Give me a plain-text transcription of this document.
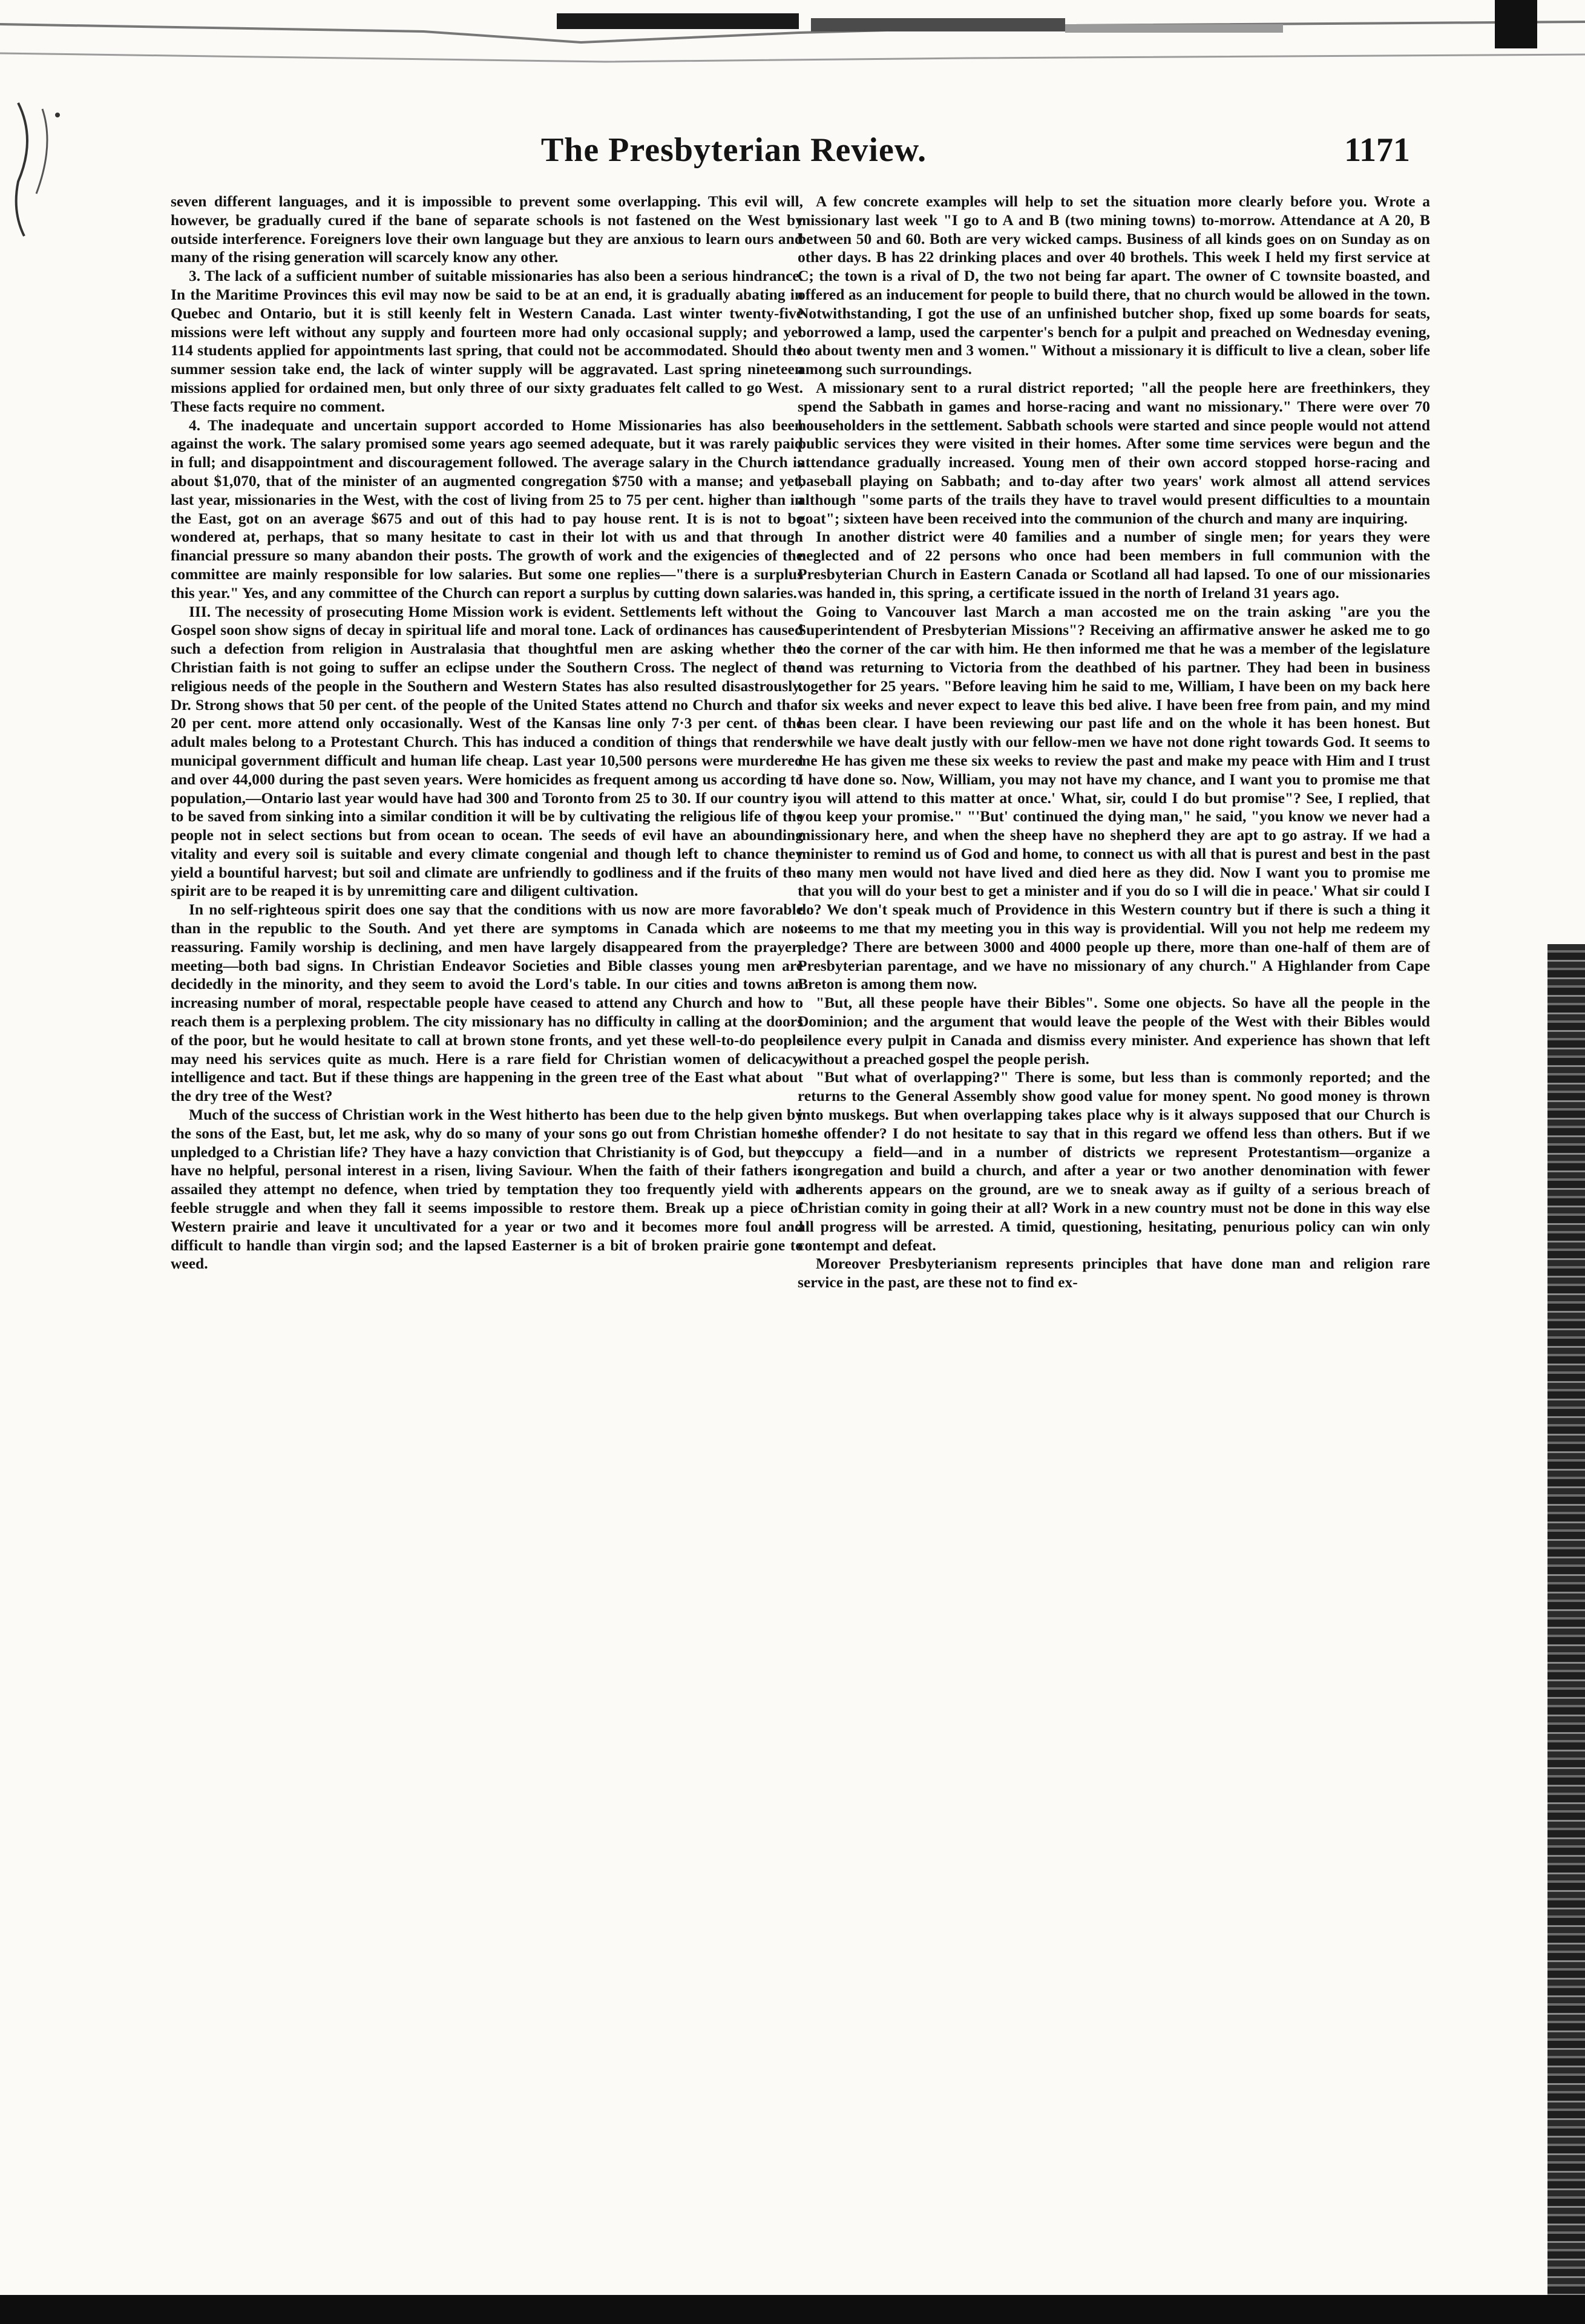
The Presbyterian Review.	1171

seven different languages, and it is impossible to prevent some overlapping. This evil will, however, be gradually cured if the bane of separate schools is not fastened on the West by outside interference. Foreigners love their own language but they are anxious to learn ours and many of the rising generation will scarcely know any other.

3. The lack of a sufficient number of suitable missionaries has also been a serious hindrance. In the Maritime Provinces this evil may now be said to be at an end, it is gradually abating in Quebec and Ontario, but it is still keenly felt in Western Canada. Last winter twenty-five missions were left without any supply and fourteen more had only occasional supply; and yet 114 students applied for appointments last spring, that could not be accommodated. Should the summer session take end, the lack of winter supply will be aggravated. Last spring nineteen missions applied for ordained men, but only three of our sixty graduates felt called to go West. These facts require no comment.

4. The inadequate and uncertain support accorded to Home Missionaries has also been against the work. The salary promised some years ago seemed adequate, but it was rarely paid in full; and disappointment and discouragement followed. The average salary in the Church is about $1,070, that of the minister of an augmented congregation $750 with a manse; and yet, last year, missionaries in the West, with the cost of living from 25 to 75 per cent. higher than in the East, got on an average $675 and out of this had to pay house rent. It is is not to be wondered at, perhaps, that so many hesitate to cast in their lot with us and that through financial pressure so many abandon their posts. The growth of work and the exigencies of the committee are mainly responsible for low salaries. But some one replies—"there is a surplus this year." Yes, and any committee of the Church can report a surplus by cutting down salaries.

III. The necessity of prosecuting Home Mission work is evident. Settlements left without the Gospel soon show signs of decay in spiritual life and moral tone. Lack of ordinances has caused such a defection from religion in Australasia that thoughtful men are asking whether the Christian faith is not going to suffer an eclipse under the Southern Cross. The neglect of the religious needs of the people in the Southern and Western States has also resulted disastrously. Dr. Strong shows that 50 per cent. of the people of the United States attend no Church and that 20 per cent. more attend only occasionally. West of the Kansas line only 7·3 per cent. of the adult males belong to a Protestant Church. This has induced a condition of things that renders municipal government difficult and human life cheap. Last year 10,500 persons were murdered and over 44,000 during the past seven years. Were homicides as frequent among us according to population,—Ontario last year would have had 300 and Toronto from 25 to 30. If our country is to be saved from sinking into a similar condition it will be by cultivating the religious life of the people not in select sections but from ocean to ocean. The seeds of evil have an abounding vitality and every soil is suitable and every climate congenial and though left to chance they yield a bountiful harvest; but soil and climate are unfriendly to godliness and if the fruits of the spirit are to be reaped it is by unremitting care and diligent cultivation.

In no self-righteous spirit does one say that the conditions with us now are more favorable than in the republic to the South. And yet there are symptoms in Canada which are not reassuring. Family worship is declining, and men have largely disappeared from the prayer-meeting—both bad signs. In Christian Endeavor Societies and Bible classes young men are decidedly in the minority, and they seem to avoid the Lord's table. In our cities and towns an increasing number of moral, respectable people have ceased to attend any Church and how to reach them is a perplexing problem. The city missionary has no difficulty in calling at the doors of the poor, but he would hesitate to call at brown stone fronts, and yet these well-to-do people may need his services quite as much. Here is a rare field for Christian women of delicacy, intelligence and tact. But if these things are happening in the green tree of the East what about the dry tree of the West?

Much of the success of Christian work in the West hitherto has been due to the help given by the sons of the East, but, let me ask, why do so many of your sons go out from Christian homes unpledged to a Christian life? They have a hazy conviction that Christianity is of God, but they have no helpful, personal interest in a risen, living Saviour. When the faith of their fathers is assailed they attempt no defence, when tried by temptation they too frequently yield with a feeble struggle and when they fall it seems impossible to restore them. Break up a piece of Western prairie and leave it uncultivated for a year or two and it becomes more foul and difficult to handle than virgin sod; and the lapsed Easterner is a bit of broken prairie gone to weed.

A few concrete examples will help to set the situation more clearly before you. Wrote a missionary last week "I go to A and B (two mining towns) to-morrow. Attendance at A 20, B between 50 and 60. Both are very wicked camps. Business of all kinds goes on on Sunday as on other days. B has 22 drinking places and over 40 brothels. This week I held my first service at C; the town is a rival of D, the two not being far apart. The owner of C townsite boasted, and offered as an inducement for people to build there, that no church would be allowed in the town. Notwithstanding, I got the use of an unfinished butcher shop, fixed up some boards for seats, borrowed a lamp, used the carpenter's bench for a pulpit and preached on Wednesday evening, to about twenty men and 3 women." Without a missionary it is difficult to live a clean, sober life among such surroundings.

A missionary sent to a rural district reported; "all the people here are freethinkers, they spend the Sabbath in games and horse-racing and want no missionary." There were over 70 householders in the settlement. Sabbath schools were started and since people would not attend public services they were visited in their homes. After some time services were begun and the attendance gradually increased. Young men of their own accord stopped horse-racing and baseball playing on Sabbath; and to-day after two years' work almost all attend services although "some parts of the trails they have to travel would present difficulties to a mountain goat"; sixteen have been received into the communion of the church and many are inquiring.

In another district were 40 families and a number of single men; for years they were neglected and of 22 persons who once had been members in full communion with the Presbyterian Church in Eastern Canada or Scotland all had lapsed. To one of our missionaries was handed in, this spring, a certificate issued in the north of Ireland 31 years ago.

Going to Vancouver last March a man accosted me on the train asking "are you the Superintendent of Presbyterian Missions"? Receiving an affirmative answer he asked me to go to the corner of the car with him. He then informed me that he was a member of the legislature and was returning to Victoria from the deathbed of his partner. They had been in business together for 25 years. "Before leaving him he said to me, William, I have been on my back here for six weeks and never expect to leave this bed alive. I have been free from pain, and my mind has been clear. I have been reviewing our past life and on the whole it has been honest. But while we have dealt justly with our fellow-men we have not done right towards God. It seems to me He has given me these six weeks to review the past and make my peace with Him and I trust I have done so. Now, William, you may not have my chance, and I want you to promise me that you will attend to this matter at once.' What, sir, could I do but promise"? See, I replied, that you keep your promise." "'But' continued the dying man," he said, "you know we never had a missionary here, and when the sheep have no shepherd they are apt to go astray. If we had a minister to remind us of God and home, to connect us with all that is purest and best in the past so many men would not have lived and died here as they did. Now I want you to promise me that you will do your best to get a minister and if you do so I will die in peace.' What sir could I do? We don't speak much of Providence in this Western country but if there is such a thing it seems to me that my meeting you in this way is providential. Will you not help me redeem my pledge? There are between 3000 and 4000 people up there, more than one-half of them are of Presbyterian parentage, and we have no missionary of any church." A Highlander from Cape Breton is among them now.

"But, all these people have their Bibles". Some one objects. So have all the people in the Dominion; and the argument that would leave the people of the West with their Bibles would silence every pulpit in Canada and dismiss every minister. And experience has shown that left without a preached gospel the people perish.

"But what of overlapping?" There is some, but less than is commonly reported; and the returns to the General Assembly show good value for money spent. No good money is thrown into muskegs. But when overlapping takes place why is it always supposed that our Church is the offender? I do not hesitate to say that in this regard we offend less than others. But if we occupy a field—and in a number of districts we represent Protestantism—organize a congregation and build a church, and after a year or two another denomination with fewer adherents appears on the ground, are we to sneak away as if guilty of a serious breach of Christian comity in going their at all? Work in a new country must not be done in this way else all progress will be arrested. A timid, questioning, hesitating, penurious policy can win only contempt and defeat.

Moreover Presbyterianism represents principles that have done man and religion rare service in the past, are these not to find ex-
